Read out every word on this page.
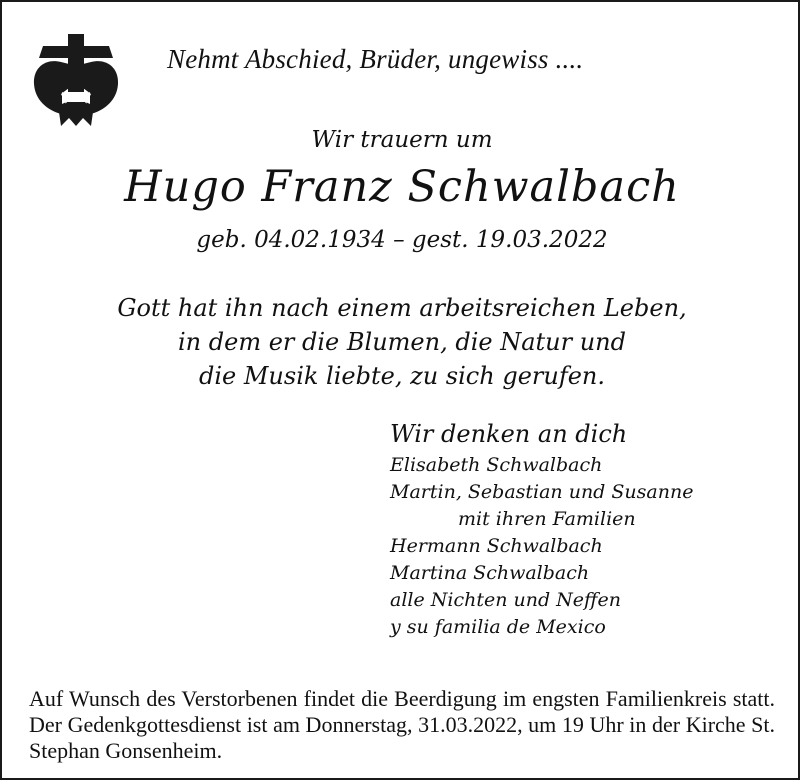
Nehmt Abschied, Brüder, ungewiss ....
Wir trauern um
Hugo Franz Schwalbach
geb. 04.02.1934 – gest. 19.03.2022
Gott hat ihn nach einem arbeitsreichen Leben,
in dem er die Blumen, die Natur und
die Musik liebte, zu sich gerufen.
Wir denken an dich
Elisabeth Schwalbach
Martin, Sebastian und Susanne
mit ihren Familien
Hermann Schwalbach
Martina Schwalbach
alle Nichten und Neffen
y su familia de Mexico
Auf Wunsch des Verstorbenen findet die Beerdigung im engsten Familienkreis statt. Der Gedenkgottesdienst ist am Donnerstag, 31.03.2022, um 19 Uhr in der Kirche St. Stephan Gonsenheim.
